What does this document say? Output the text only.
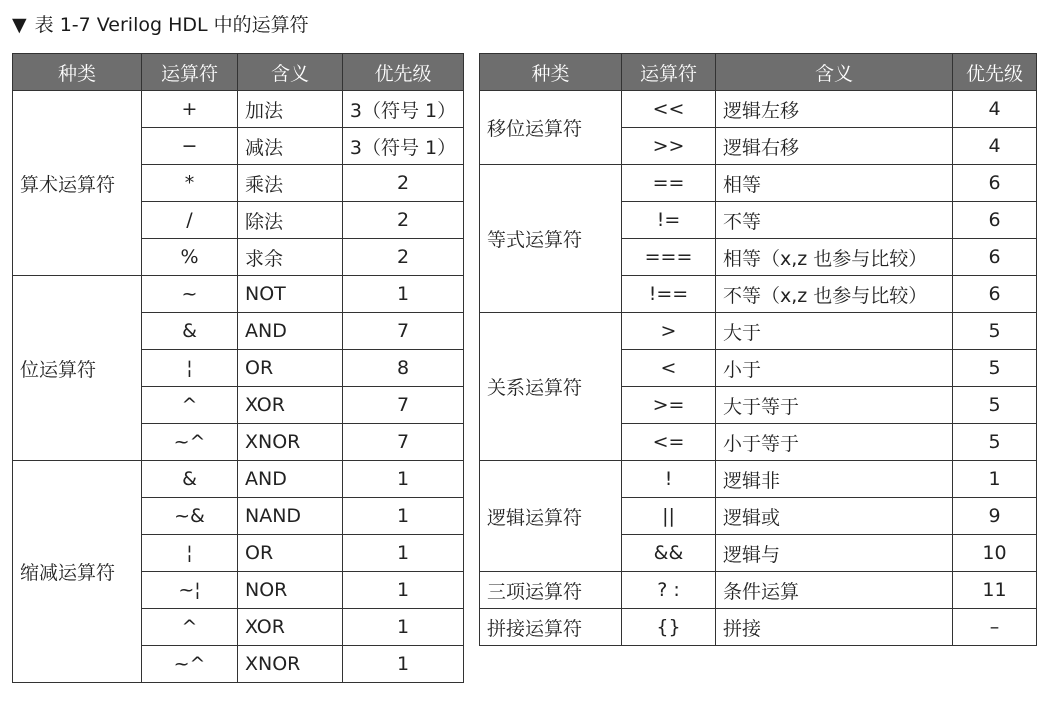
▼ 表 1-7 Verilog HDL 中的运算符
种类	运算符	含义	优先级
算术运算符	+	加法	3（符号 1）
	−	减法	3（符号 1）
	*	乘法	2
	/	除法	2
	%	求余	2
位运算符	~	NOT	1
	&	AND	7
	¦	OR	8
	^	XOR	7
	~^	XNOR	7
缩减运算符	&	AND	1
	~&	NAND	1
	¦	OR	1
	~¦	NOR	1
	^	XOR	1
	~^	XNOR	1
种类	运算符	含义	优先级
移位运算符	<<	逻辑左移	4
	>>	逻辑右移	4
等式运算符	==	相等	6
	!=	不等	6
	===	相等（x,z 也参与比较）	6
	!==	不等（x,z 也参与比较）	6
关系运算符	>	大于	5
	<	小于	5
	>=	大于等于	5
	<=	小于等于	5
逻辑运算符	!	逻辑非	1
	||	逻辑或	9
	&&	逻辑与	10
三项运算符	? :	条件运算	11
拼接运算符	{}	拼接	–
